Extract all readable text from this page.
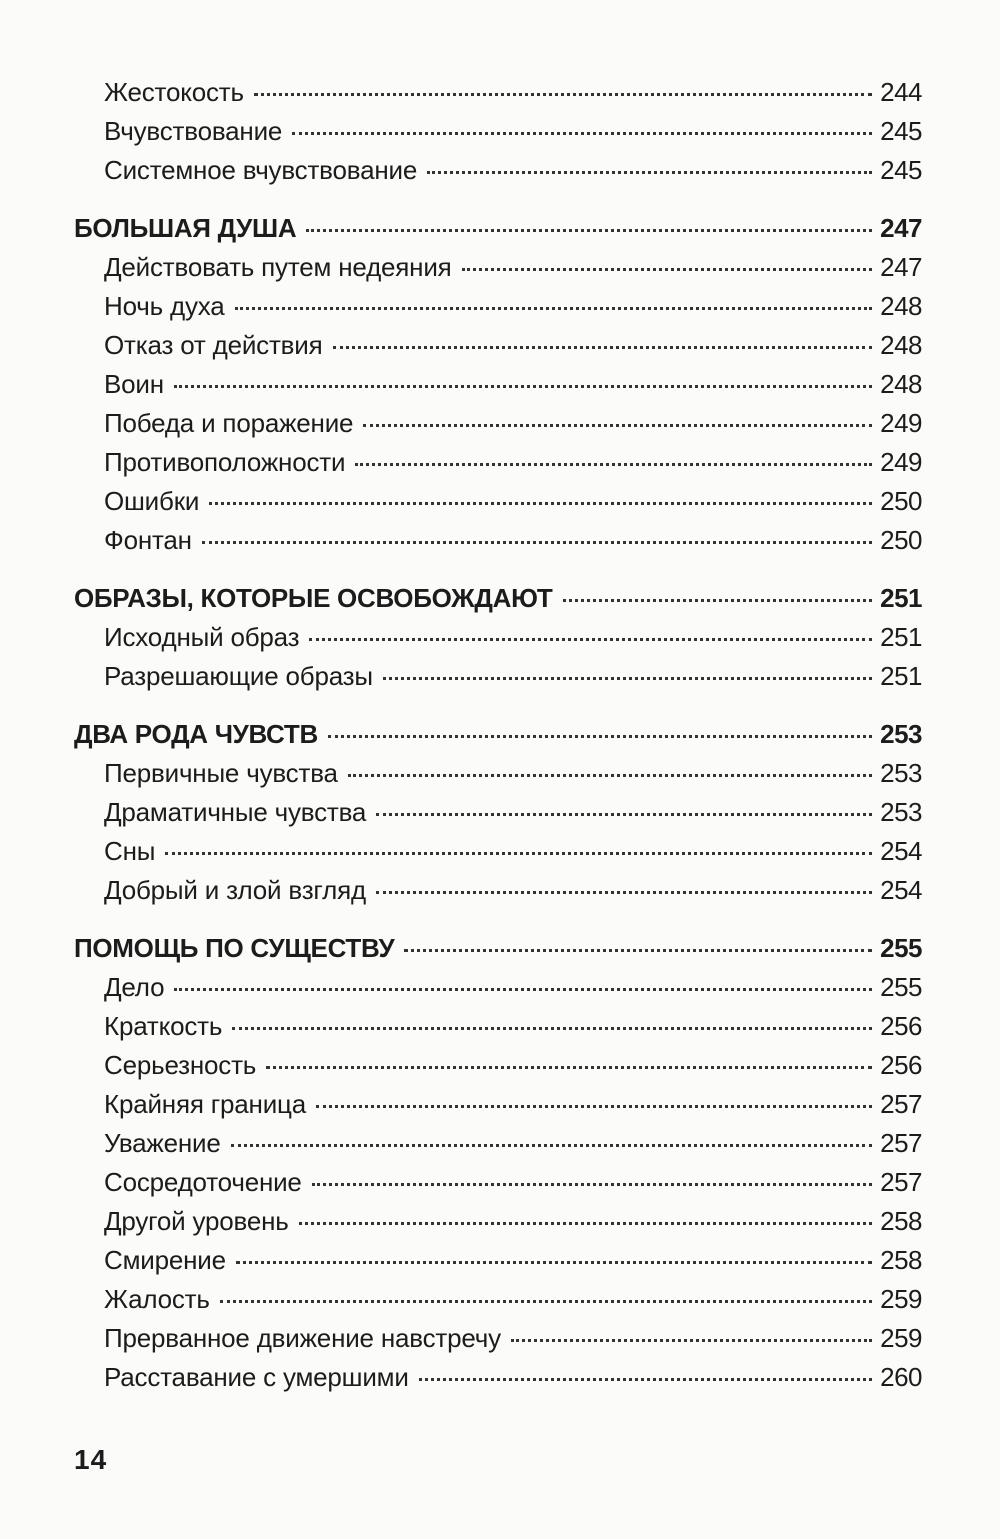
Жестокость	244
Вчувствование	245
Системное вчувствование	245
БОЛЬШАЯ ДУША	247
Действовать путем недеяния	247
Ночь духа	248
Отказ от действия	248
Воин	248
Победа и поражение	249
Противоположности	249
Ошибки	250
Фонтан	250
ОБРАЗЫ, КОТОРЫЕ ОСВОБОЖДАЮТ	251
Исходный образ	251
Разрешающие образы	251
ДВА РОДА ЧУВСТВ	253
Первичные чувства	253
Драматичные чувства	253
Сны	254
Добрый и злой взгляд	254
ПОМОЩЬ ПО СУЩЕСТВУ	255
Дело	255
Краткость	256
Серьезность	256
Крайняя граница	257
Уважение	257
Сосредоточение	257
Другой уровень	258
Смирение	258
Жалость	259
Прерванное движение навстречу	259
Расставание с умершими	260
14
